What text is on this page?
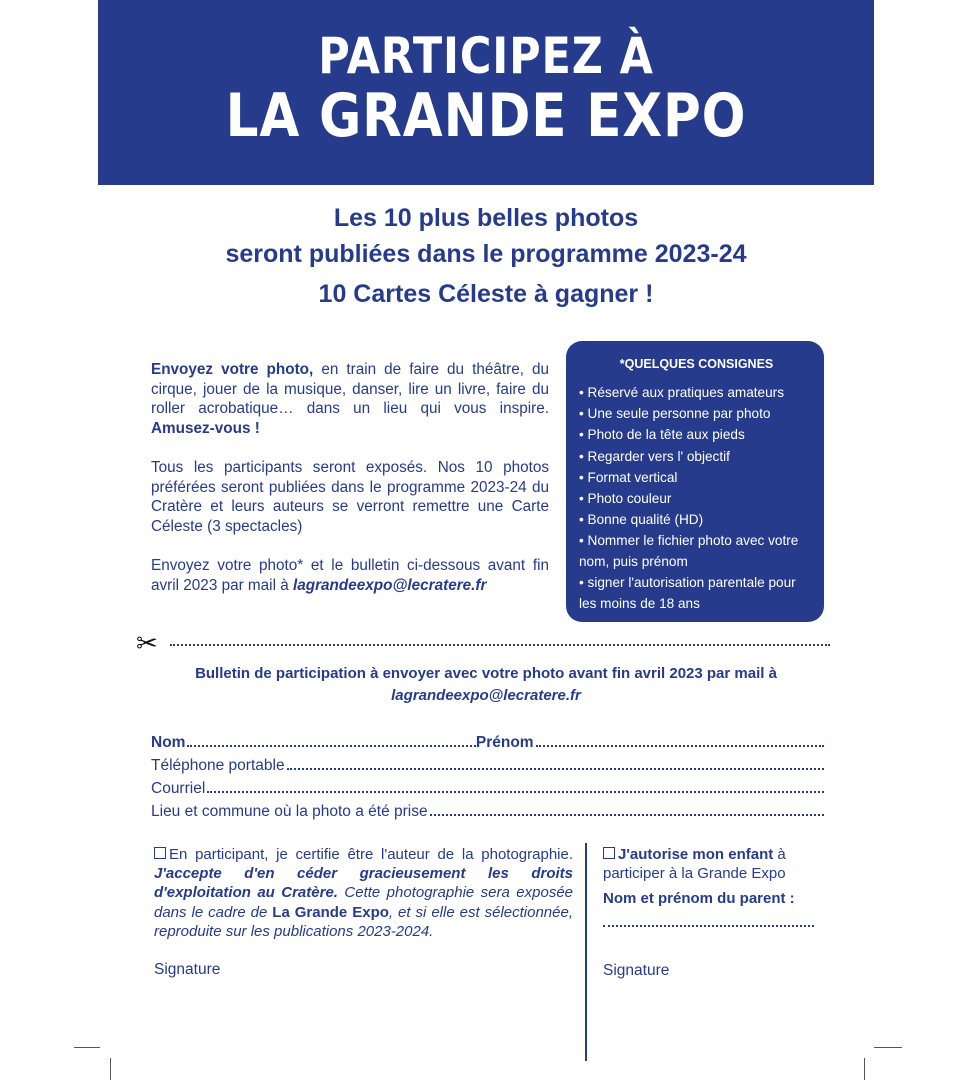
PARTICIPEZ À
LA GRANDE EXPO
Les 10 plus belles photos
seront publiées dans le programme 2023-24
10 Cartes Céleste à gagner !

Envoyez votre photo, en train de faire du théâtre, du cirque, jouer de la musique, danser, lire un livre, faire du roller acrobatique… dans un lieu qui vous inspire. Amusez-vous !

Tous les participants seront exposés. Nos 10 photos préférées seront publiées dans le programme 2023-24 du Cratère et leurs auteurs se verront remettre une Carte Céleste (3 spectacles)

Envoyez votre photo* et le bulletin ci-dessous avant fin avril 2023 par mail à lagrandeexpo@lecratere.fr

*QUELQUES CONSIGNES
• Réservé aux pratiques amateurs
• Une seule personne par photo
• Photo de la tête aux pieds
• Regarder vers l' objectif
• Format vertical
• Photo couleur
• Bonne qualité (HD)
• Nommer le fichier photo avec votre nom, puis prénom
• signer l'autorisation parentale pour les moins de 18 ans
✂
Bulletin de participation à envoyer avec votre photo avant fin avril 2023 par mail à
lagrandeexpo@lecratere.fr
Nom	Prénom
Téléphone portable
Courriel
Lieu et commune où la photo a été prise
En participant, je certifie être l'auteur de la photographie. J'accepte d'en céder gracieusement les droits d'exploitation au Cratère. Cette photographie sera exposée dans le cadre de La Grande Expo, et si elle est sélectionnée, reproduite sur les publications 2023-2024.
Signature
J'autorise mon enfant à participer à la Grande Expo
Nom et prénom du parent :
Signature
